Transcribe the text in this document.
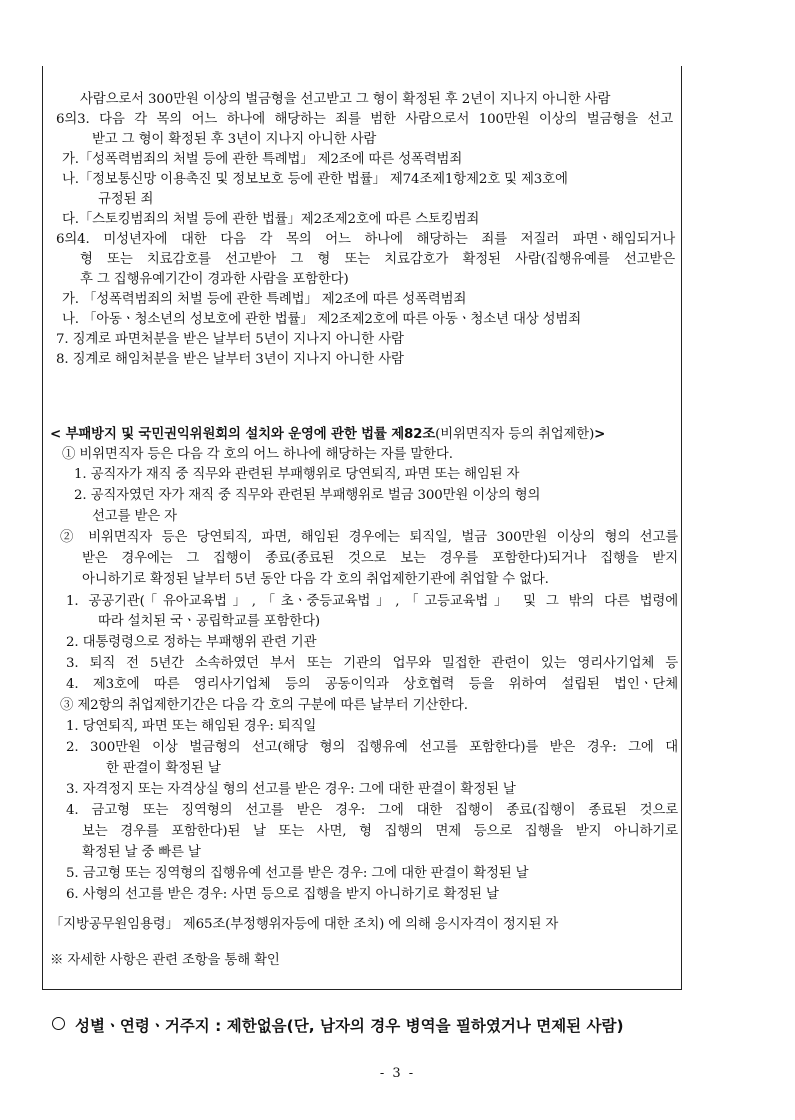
사람으로서 300만원 이상의 벌금형을 선고받고 그 형이 확정된 후 2년이 지나지 아니한 사람
6의3. 다음 각 목의 어느 하나에 해당하는 죄를 범한 사람으로서 100만원 이상의 벌금형을 선고
받고 그 형이 확정된 후 3년이 지나지 아니한 사람
가.「성폭력범죄의 처벌 등에 관한 특례법」 제2조에 따른 성폭력범죄
나.「정보통신망 이용촉진 및 정보보호 등에 관한 법률」 제74조제1항제2호 및 제3호에
규정된 죄
다.「스토킹범죄의 처벌 등에 관한 법률」제2조제2호에 따른 스토킹범죄
6의4. 미성년자에 대한 다음 각 목의 어느 하나에 해당하는 죄를 저질러 파면ㆍ해임되거나
형 또는 치료감호를 선고받아 그 형 또는 치료감호가 확정된 사람(집행유예를 선고받은
후 그 집행유예기간이 경과한 사람을 포함한다)
가. 「성폭력범죄의 처벌 등에 관한 특례법」 제2조에 따른 성폭력범죄
나. 「아동ㆍ청소년의 성보호에 관한 법률」 제2조제2호에 따른 아동ㆍ청소년 대상 성범죄
7. 징계로 파면처분을 받은 날부터 5년이 지나지 아니한 사람
8. 징계로 해임처분을 받은 날부터 3년이 지나지 아니한 사람
< 부패방지 및 국민권익위원회의 설치와 운영에 관한 법률 제82조(비위면직자 등의 취업제한)>
① 비위면직자 등은 다음 각 호의 어느 하나에 해당하는 자를 말한다.
1. 공직자가 재직 중 직무와 관련된 부패행위로 당연퇴직, 파면 또는 해임된 자
2. 공직자였던 자가 재직 중 직무와 관련된 부패행위로 벌금 300만원 이상의 형의
선고를 받은 자
② 비위면직자 등은 당연퇴직, 파면, 해임된 경우에는 퇴직일, 벌금 300만원 이상의 형의 선고를
받은 경우에는 그 집행이 종료(종료된 것으로 보는 경우를 포함한다)되거나 집행을 받지
아니하기로 확정된 날부터 5년 동안 다음 각 호의 취업제한기관에 취업할 수 없다.
1. 공공기관(「유아교육법」,「초ㆍ중등교육법」,「고등교육법」 및 그 밖의 다른 법령에
따라 설치된 국ㆍ공립학교를 포함한다)
2. 대통령령으로 정하는 부패행위 관련 기관
3. 퇴직 전 5년간 소속하였던 부서 또는 기관의 업무와 밀접한 관련이 있는 영리사기업체 등
4. 제3호에 따른 영리사기업체 등의 공동이익과 상호협력 등을 위하여 설립된 법인ㆍ단체
③ 제2항의 취업제한기간은 다음 각 호의 구분에 따른 날부터 기산한다.
1. 당연퇴직, 파면 또는 해임된 경우: 퇴직일
2. 300만원 이상 벌금형의 선고(해당 형의 집행유예 선고를 포함한다)를 받은 경우: 그에 대
한 판결이 확정된 날
3. 자격정지 또는 자격상실 형의 선고를 받은 경우: 그에 대한 판결이 확정된 날
4. 금고형 또는 징역형의 선고를 받은 경우: 그에 대한 집행이 종료(집행이 종료된 것으로
보는 경우를 포함한다)된 날 또는 사면, 형 집행의 면제 등으로 집행을 받지 아니하기로
확정된 날 중 빠른 날
5. 금고형 또는 징역형의 집행유예 선고를 받은 경우: 그에 대한 판결이 확정된 날
6. 사형의 선고를 받은 경우: 사면 등으로 집행을 받지 아니하기로 확정된 날
「지방공무원임용령」 제65조(부정행위자등에 대한 조치) 에 의해 응시자격이 정지된 자
※ 자세한 사항은 관련 조항을 통해 확인
성별ㆍ연령ㆍ거주지 : 제한없음(단, 남자의 경우 병역을 필하였거나 면제된 사람)
- 3 -
